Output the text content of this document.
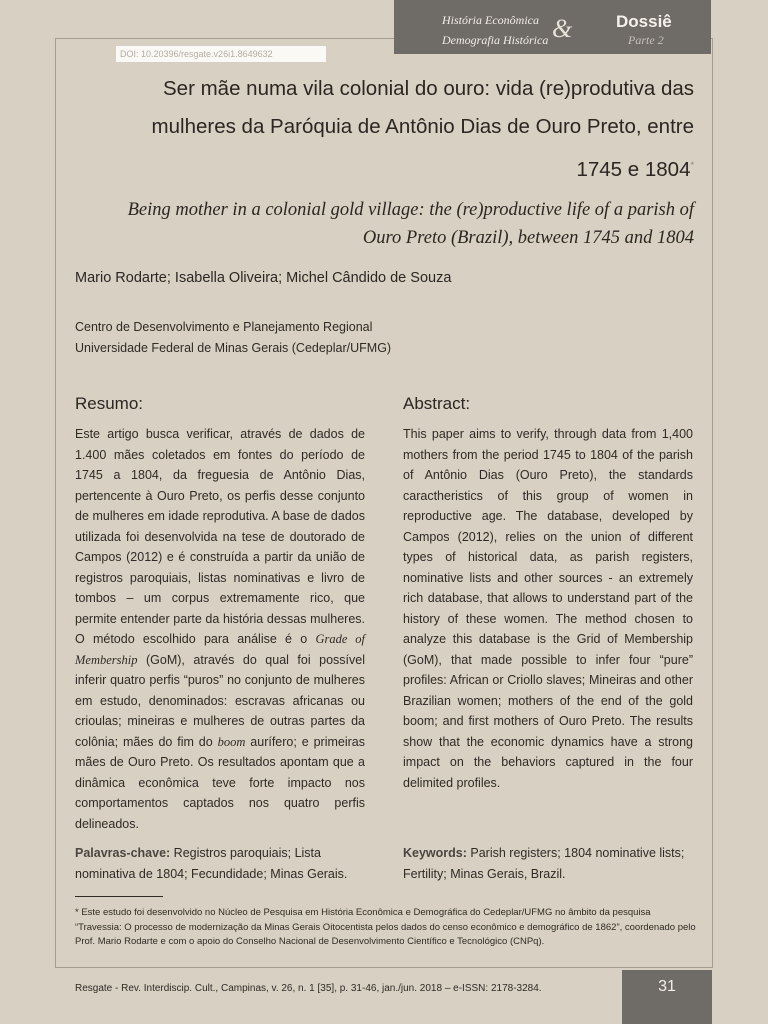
História Econômica
Demografia Histórica &	Dossiê
Parte 2
DOI: 10.20396/resgate.v26i1.8649632
Ser mãe numa vila colonial do ouro: vida (re)produtiva das
mulheres da Paróquia de Antônio Dias de Ouro Preto, entre
1745 e 1804*
Being mother in a colonial gold village: the (re)productive life of a parish of
Ouro Preto (Brazil), between 1745 and 1804
Mario Rodarte; Isabella Oliveira; Michel Cândido de Souza
Centro de Desenvolvimento e Planejamento Regional
Universidade Federal de Minas Gerais (Cedeplar/UFMG)
Resumo:
Este artigo busca verificar, através de dados de 1.400 mães coletados em fontes do período de 1745 a 1804, da freguesia de Antônio Dias, pertencente à Ouro Preto, os perfis desse conjunto de mulheres em idade reprodutiva. A base de dados utilizada foi desenvolvida na tese de doutorado de Campos (2012) e é construída a partir da união de registros paroquiais, listas nominativas e livro de tombos – um corpus extremamente rico, que permite entender parte da história dessas mulheres. O método escolhido para análise é o Grade of Membership (GoM), através do qual foi possível inferir quatro perfis “puros” no conjunto de mulheres em estudo, denominados: escravas africanas ou crioulas; mineiras e mulheres de outras partes da colônia; mães do fim do boom aurífero; e primeiras mães de Ouro Preto. Os resultados apontam que a dinâmica econômica teve forte impacto nos comportamentos captados nos quatro perfis delineados.
Palavras-chave: Registros paroquiais; Lista nominativa de 1804; Fecundidade; Minas Gerais.
Abstract:
This paper aims to verify, through data from 1,400 mothers from the period 1745 to 1804 of the parish of Antônio Dias (Ouro Preto), the standards caractheristics of this group of women in reproductive age. The database, developed by Campos (2012), relies on the union of different types of historical data, as parish registers, nominative lists and other sources - an extremely rich database, that allows to understand part of the history of these women. The method chosen to analyze this database is the Grid of Membership (GoM), that made possible to infer four “pure” profiles: African or Criollo slaves; Mineiras and other Brazilian women; mothers of the end of the gold boom; and first mothers of Ouro Preto. The results show that the economic dynamics have a strong impact on the behaviors captured in the four delimited profiles.
Keywords: Parish registers; 1804 nominative lists; Fertility; Minas Gerais, Brazil.
* Este estudo foi desenvolvido no Núcleo de Pesquisa em História Econômica e Demográfica do Cedeplar/UFMG no âmbito da pesquisa “Travessia: O processo de modernização da Minas Gerais Oitocentista pelos dados do censo econômico e demográfico de 1862”, coordenado pelo Prof. Mario Rodarte e com o apoio do Conselho Nacional de Desenvolvimento Científico e Tecnológico (CNPq).
Resgate - Rev. Interdiscip. Cult., Campinas, v. 26, n. 1 [35], p. 31-46, jan./jun. 2018 – e-ISSN: 2178-3284.	31
